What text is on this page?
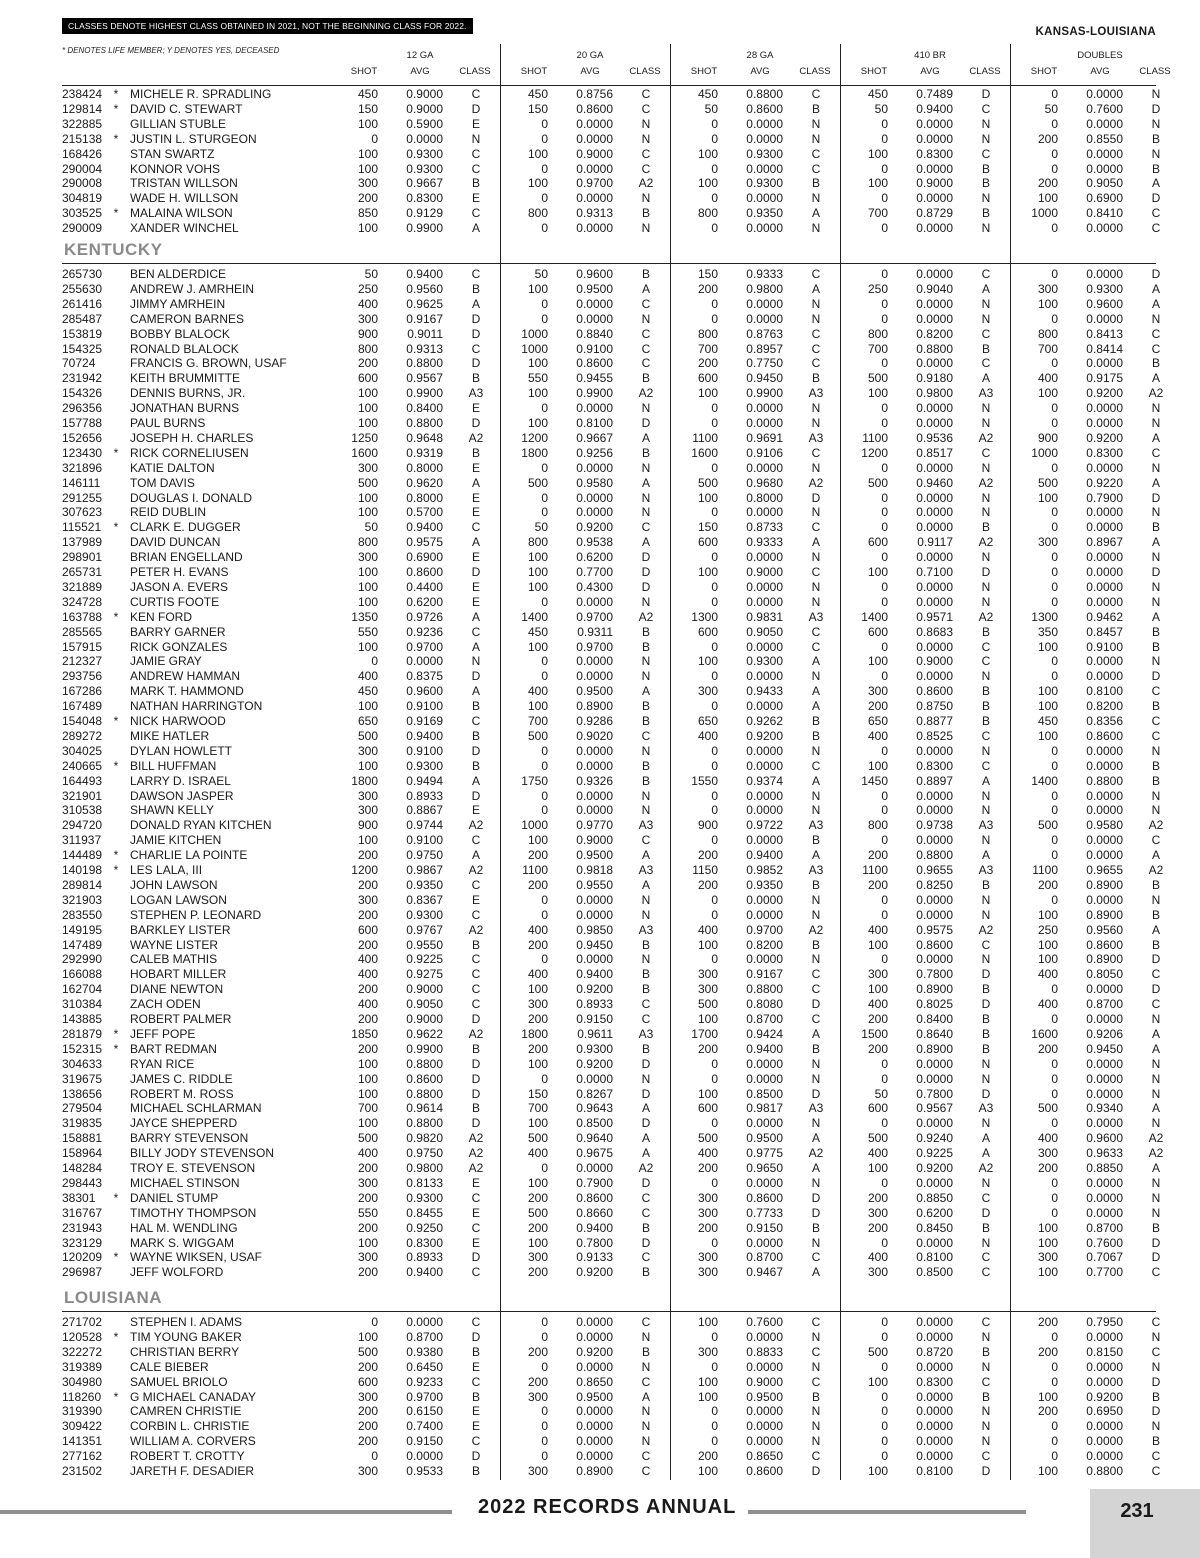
CLASSES DENOTE HIGHEST CLASS OBTAINED IN 2021, NOT THE BEGINNING CLASS FOR 2022.	KANSAS-LOUISIANA
* DENOTES LIFE MEMBER; Y DENOTES YES, DECEASED	12 GA
SHOT	AVG	CLASS
20 GA
SHOT	AVG	CLASS
28 GA
SHOT	AVG	CLASS
410 BR
SHOT	AVG	CLASS
DOUBLES
SHOT	AVG	CLASS
238424 * MICHELE R. SPRADLING	450	0.9000	C	450	0.8756	C	450	0.8800	C	450	0.7489	D	0	0.0000	N
129814 * DAVID C. STEWART	150	0.9000	D	150	0.8600	C	50	0.8600	B	50	0.9400	C	50	0.7600	D
322885 GILLIAN STUBLE	100	0.5900	E	0	0.0000	N	0	0.0000	N	0	0.0000	N	0	0.0000	N
215138 * JUSTIN L. STURGEON	0	0.0000	N	0	0.0000	N	0	0.0000	N	0	0.0000	N	200	0.8550	B
168426 STAN SWARTZ	100	0.9300	C	100	0.9000	C	100	0.9300	C	100	0.8300	C	0	0.0000	N
290004 KONNOR VOHS	100	0.9300	C	0	0.0000	C	0	0.0000	C	0	0.0000	B	0	0.0000	B
290008 TRISTAN WILLSON	300	0.9667	B	100	0.9700	A2	100	0.9300	B	100	0.9000	B	200	0.9050	A
304819 WADE H. WILLSON	200	0.8300	E	0	0.0000	N	0	0.0000	N	0	0.0000	N	100	0.6900	D
303525 * MALAINA WILSON	850	0.9129	C	800	0.9313	B	800	0.9350	A	700	0.8729	B	1000	0.8410	C
290009 XANDER WINCHEL	100	0.9900	A	0	0.0000	N	0	0.0000	N	0	0.0000	N	0	0.0000	C
KENTUCKY
265730 BEN ALDERDICE	50	0.9400	C	50	0.9600	B	150	0.9333	C	0	0.0000	C	0	0.0000	D
255630 ANDREW J. AMRHEIN	250	0.9560	B	100	0.9500	A	200	0.9800	A	250	0.9040	A	300	0.9300	A
261416 JIMMY AMRHEIN	400	0.9625	A	0	0.0000	C	0	0.0000	N	0	0.0000	N	100	0.9600	A
285487 CAMERON BARNES	300	0.9167	D	0	0.0000	N	0	0.0000	N	0	0.0000	N	0	0.0000	N
153819 BOBBY BLALOCK	900	0.9011	D	1000	0.8840	C	800	0.8763	C	800	0.8200	C	800	0.8413	C
154325 RONALD BLALOCK	800	0.9313	C	1000	0.9100	C	700	0.8957	C	700	0.8800	B	700	0.8414	C
70724	FRANCIS G. BROWN, USAF	200	0.8800	D	100	0.8600	C	200	0.7750	C	0	0.0000	C	0	0.0000	B
231942 KEITH BRUMMITTE	600	0.9567	B	550	0.9455	B	600	0.9450	B	500	0.9180	A	400	0.9175	A
154326 DENNIS BURNS, JR.	100	0.9900	A3	100	0.9900	A2	100	0.9900	A3	100	0.9800	A3	100	0.9200	A2
296356 JONATHAN BURNS	100	0.8400	E	0	0.0000	N	0	0.0000	N	0	0.0000	N	0	0.0000	N
157788 PAUL BURNS	100	0.8800	D	100	0.8100	D	0	0.0000	N	0	0.0000	N	0	0.0000	N
152656 JOSEPH H. CHARLES	1250	0.9648	A2	1200	0.9667	A	1100	0.9691	A3	1100	0.9536	A2	900	0.9200	A
123430 * RICK CORNELIUSEN	1600	0.9319	B	1800	0.9256	B	1600	0.9106	C	1200	0.8517	C	1000	0.8300	C
321896 KATIE DALTON	300	0.8000	E	0	0.0000	N	0	0.0000	N	0	0.0000	N	0	0.0000	N
146111 TOM DAVIS	500	0.9620	A	500	0.9580	A	500	0.9680	A2	500	0.9460	A2	500	0.9220	A
291255 DOUGLAS I. DONALD	100	0.8000	E	0	0.0000	N	100	0.8000	D	0	0.0000	N	100	0.7900	D
307623 REID DUBLIN	100	0.5700	E	0	0.0000	N	0	0.0000	N	0	0.0000	N	0	0.0000	N
115521 * CLARK E. DUGGER	50	0.9400	C	50	0.9200	C	150	0.8733	C	0	0.0000	B	0	0.0000	B
137989 DAVID DUNCAN	800	0.9575	A	800	0.9538	A	600	0.9333	A	600	0.9117	A2	300	0.8967	A
298901 BRIAN ENGELLAND	300	0.6900	E	100	0.6200	D	0	0.0000	N	0	0.0000	N	0	0.0000	N
265731 PETER H. EVANS	100	0.8600	D	100	0.7700	D	100	0.9000	C	100	0.7100	D	0	0.0000	D
321889 JASON A. EVERS	100	0.4400	E	100	0.4300	D	0	0.0000	N	0	0.0000	N	0	0.0000	N
324728 CURTIS FOOTE	100	0.6200	E	0	0.0000	N	0	0.0000	N	0	0.0000	N	0	0.0000	N
163788 * KEN FORD	1350	0.9726	A	1400	0.9700	A2	1300	0.9831	A3	1400	0.9571	A2	1300	0.9462	A
285565 BARRY GARNER	550	0.9236	C	450	0.9311	B	600	0.9050	C	600	0.8683	B	350	0.8457	B
157915 RICK GONZALES	100	0.9700	A	100	0.9700	B	0	0.0000	C	0	0.0000	C	100	0.9100	B
212327 JAMIE GRAY	0	0.0000	N	0	0.0000	N	100	0.9300	A	100	0.9000	C	0	0.0000	N
293756 ANDREW HAMMAN	400	0.8375	D	0	0.0000	N	0	0.0000	N	0	0.0000	N	0	0.0000	D
167286 MARK T. HAMMOND	450	0.9600	A	400	0.9500	A	300	0.9433	A	300	0.8600	B	100	0.8100	C
167489 NATHAN HARRINGTON	100	0.9100	B	100	0.8900	B	0	0.0000	A	200	0.8750	B	100	0.8200	B
154048 * NICK HARWOOD	650	0.9169	C	700	0.9286	B	650	0.9262	B	650	0.8877	B	450	0.8356	C
289272 MIKE HATLER	500	0.9400	B	500	0.9020	C	400	0.9200	B	400	0.8525	C	100	0.8600	C
304025 DYLAN HOWLETT	300	0.9100	D	0	0.0000	N	0	0.0000	N	0	0.0000	N	0	0.0000	N
240665 * BILL HUFFMAN	100	0.9300	B	0	0.0000	B	0	0.0000	C	100	0.8300	C	0	0.0000	B
164493 LARRY D. ISRAEL	1800	0.9494	A	1750	0.9326	B	1550	0.9374	A	1450	0.8897	A	1400	0.8800	B
321901 DAWSON JASPER	300	0.8933	D	0	0.0000	N	0	0.0000	N	0	0.0000	N	0	0.0000	N
310538 SHAWN KELLY	300	0.8867	E	0	0.0000	N	0	0.0000	N	0	0.0000	N	0	0.0000	N
294720 DONALD RYAN KITCHEN	900	0.9744	A2	1000	0.9770	A3	900	0.9722	A3	800	0.9738	A3	500	0.9580	A2
311937 JAMIE KITCHEN	100	0.9100	C	100	0.9000	C	0	0.0000	B	0	0.0000	N	0	0.0000	C
144489 * CHARLIE LA POINTE	200	0.9750	A	200	0.9500	A	200	0.9400	A	200	0.8800	A	0	0.0000	A
140198 * LES LALA, III	1200	0.9867	A2	1100	0.9818	A3	1150	0.9852	A3	1100	0.9655	A3	1100	0.9655	A2
289814 JOHN LAWSON	200	0.9350	C	200	0.9550	A	200	0.9350	B	200	0.8250	B	200	0.8900	B
321903 LOGAN LAWSON	300	0.8367	E	0	0.0000	N	0	0.0000	N	0	0.0000	N	0	0.0000	N
283550 STEPHEN P. LEONARD	200	0.9300	C	0	0.0000	N	0	0.0000	N	0	0.0000	N	100	0.8900	B
149195 BARKLEY LISTER	600	0.9767	A2	400	0.9850	A3	400	0.9700	A2	400	0.9575	A2	250	0.9560	A
147489 WAYNE LISTER	200	0.9550	B	200	0.9450	B	100	0.8200	B	100	0.8600	C	100	0.8600	B
292990 CALEB MATHIS	400	0.9225	C	0	0.0000	N	0	0.0000	N	0	0.0000	N	100	0.8900	D
166088 HOBART MILLER	400	0.9275	C	400	0.9400	B	300	0.9167	C	300	0.7800	D	400	0.8050	C
162704 DIANE NEWTON	200	0.9000	C	100	0.9200	B	300	0.8800	C	100	0.8900	B	0	0.0000	D
310384 ZACH ODEN	400	0.9050	C	300	0.8933	C	500	0.8080	D	400	0.8025	D	400	0.8700	C
143885 ROBERT PALMER	200	0.9000	D	200	0.9150	C	100	0.8700	C	200	0.8400	B	0	0.0000	N
281879 * JEFF POPE	1850	0.9622	A2	1800	0.9611	A3	1700	0.9424	A	1500	0.8640	B	1600	0.9206	A
152315 * BART REDMAN	200	0.9900	B	200	0.9300	B	200	0.9400	B	200	0.8900	B	200	0.9450	A
304633 RYAN RICE	100	0.8800	D	100	0.9200	D	0	0.0000	N	0	0.0000	N	0	0.0000	N
319675 JAMES C. RIDDLE	100	0.8600	D	0	0.0000	N	0	0.0000	N	0	0.0000	N	0	0.0000	N
138656 ROBERT M. ROSS	100	0.8800	D	150	0.8267	D	100	0.8500	D	50	0.7800	D	0	0.0000	N
279504 MICHAEL SCHLARMAN	700	0.9614	B	700	0.9643	A	600	0.9817	A3	600	0.9567	A3	500	0.9340	A
319835 JAYCE SHEPPERD	100	0.8800	D	100	0.8500	D	0	0.0000	N	0	0.0000	N	0	0.0000	N
158881 BARRY STEVENSON	500	0.9820	A2	500	0.9640	A	500	0.9500	A	500	0.9240	A	400	0.9600	A2
158964 BILLY JODY STEVENSON	400	0.9750	A2	400	0.9675	A	400	0.9775	A2	400	0.9225	A	300	0.9633	A2
148284 TROY E. STEVENSON	200	0.9800	A2	0	0.0000	A2	200	0.9650	A	100	0.9200	A2	200	0.8850	A
298443 MICHAEL STINSON	300	0.8133	E	100	0.7900	D	0	0.0000	N	0	0.0000	N	0	0.0000	N
38301 * DANIEL STUMP	200	0.9300	C	200	0.8600	C	300	0.8600	D	200	0.8850	C	0	0.0000	N
316767 TIMOTHY THOMPSON	550	0.8455	E	500	0.8660	C	300	0.7733	D	300	0.6200	D	0	0.0000	N
231943 HAL M. WENDLING	200	0.9250	C	200	0.9400	B	200	0.9150	B	200	0.8450	B	100	0.8700	B
323129 MARK S. WIGGAM	100	0.8300	E	100	0.7800	D	0	0.0000	N	0	0.0000	N	100	0.7600	D
120209 * WAYNE WIKSEN, USAF	300	0.8933	D	300	0.9133	C	300	0.8700	C	400	0.8100	C	300	0.7067	D
296987 JEFF WOLFORD	200	0.9400	C	200	0.9200	B	300	0.9467	A	300	0.8500	C	100	0.7700	C
LOUISIANA
271702 STEPHEN I. ADAMS	0	0.0000	C	0	0.0000	C	100	0.7600	C	0	0.0000	C	200	0.7950	C
120528 * TIM YOUNG BAKER	100	0.8700	D	0	0.0000	N	0	0.0000	N	0	0.0000	N	0	0.0000	N
322272 CHRISTIAN BERRY	500	0.9380	B	200	0.9200	B	300	0.8833	C	500	0.8720	B	200	0.8150	C
319389 CALE BIEBER	200	0.6450	E	0	0.0000	N	0	0.0000	N	0	0.0000	N	0	0.0000	N
304980 SAMUEL BRIOLO	600	0.9233	C	200	0.8650	C	100	0.9000	C	100	0.8300	C	0	0.0000	D
118260 * G MICHAEL CANADAY	300	0.9700	B	300	0.9500	A	100	0.9500	B	0	0.0000	B	100	0.9200	B
319390 CAMREN CHRISTIE	200	0.6150	E	0	0.0000	N	0	0.0000	N	0	0.0000	N	200	0.6950	D
309422 CORBIN L. CHRISTIE	200	0.7400	E	0	0.0000	N	0	0.0000	N	0	0.0000	N	0	0.0000	N
141351 WILLIAM A. CORVERS	200	0.9150	C	0	0.0000	N	0	0.0000	N	0	0.0000	N	0	0.0000	B
277162 ROBERT T. CROTTY	0	0.0000	D	0	0.0000	C	200	0.8650	C	0	0.0000	C	0	0.0000	C
231502 JARETH F. DESADIER	300	0.9533	B	300	0.8900	C	100	0.8600	D	100	0.8100	D	100	0.8800	C
2022 RECORDS ANNUAL	231
